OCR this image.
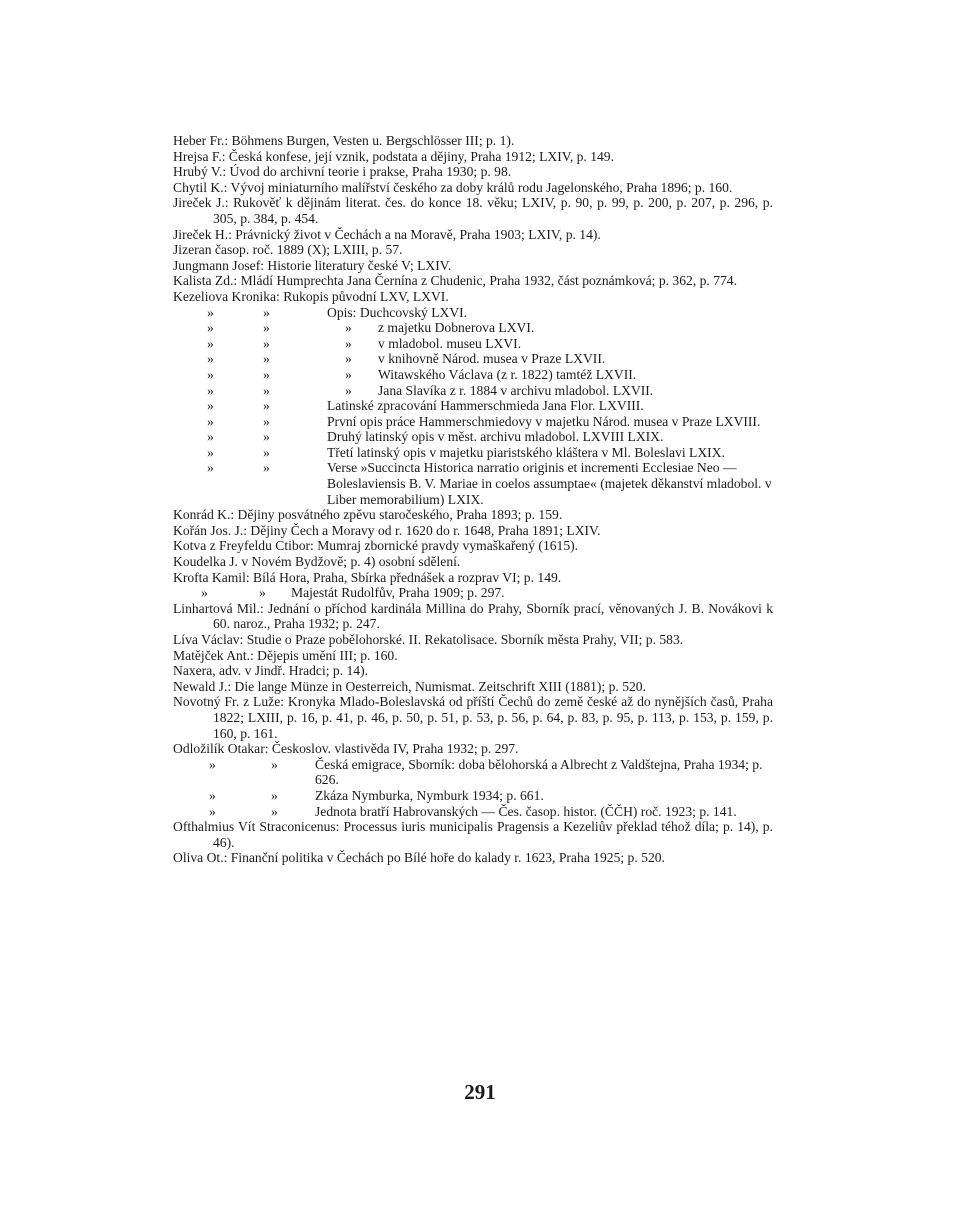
Heber Fr.: Böhmens Burgen, Vesten u. Bergschlösser III; p. 1).
Hrejsa F.: Česká konfese, její vznik, podstata a dějiny, Praha 1912; LXIV, p. 149.
Hrubý V.: Úvod do archivní teorie i prakse, Praha 1930; p. 98.
Chytil K.: Vývoj miniaturního malířství českého za doby králů rodu Jagelonského, Praha 1896; p. 160.
Jireček J.: Rukověť k dějinám literat. čes. do konce 18. věku; LXIV, p. 90, p. 99, p. 200, p. 207, p. 296, p. 305, p. 384, p. 454.
Jireček H.: Právnický život v Čechách a na Moravě, Praha 1903; LXIV, p. 14).
Jizeran časop. roč. 1889 (X); LXIII, p. 57.
Jungmann Josef: Historie literatury české V; LXIV.
Kalista Zd.: Mládí Humprechta Jana Černína z Chudenic, Praha 1932, část poznámková; p. 362, p. 774.
Kezeliova Kronika: Rukopis původní LXV, LXVI.
»	»	Opis: Duchcovský LXVI.
»	»	»	z majetku Dobnerova LXVI.
»	»	»	v mladobol. museu LXVI.
»	»	»	v knihovně Národ. musea v Praze LXVII.
»	»	»	Witawského Václava (z r. 1822) tamtéž LXVII.
»	»	»	Jana Slavíka z r. 1884 v archivu mladobol. LXVII.
»	»	Latinské zpracování Hammerschmieda Jana Flor. LXVIII.
»	»	První opis práce Hammerschmiedovy v majetku Národ. musea v Praze LXVIII.
»	»	Druhý latinský opis v měst. archivu mladobol. LXVIII LXIX.
»	»	Třetí latinský opis v majetku piaristského kláštera v Ml. Boleslavi LXIX.
»	»	Verse »Succincta Historica narratio originis et incrementi Ecclesiae Neo — Boleslaviensis B. V. Mariae in coelos assumptae« (majetek děkanství mladobol. v Liber memorabilium) LXIX.
Konrád K.: Dějiny posvátného zpěvu staročeského, Praha 1893; p. 159.
Kořán Jos. J.: Dějiny Čech a Moravy od r. 1620 do r. 1648, Praha 1891; LXIV.
Kotva z Freyfeldu Ctibor: Mumraj zbornické pravdy vymaškařený (1615).
Koudelka J. v Novém Bydžově; p. 4) osobní sdělení.
Krofta Kamil: Bílá Hora, Praha, Sbírka přednášek a rozprav VI; p. 149.
»	»	Majestát Rudolfův, Praha 1909; p. 297.
Linhartová Mil.: Jednání o příchod kardinála Millina do Prahy, Sborník prací, věnovaných J. B. Novákovi k 60. naroz., Praha 1932; p. 247.
Líva Václav: Studie o Praze pobělohorské. II. Rekatolisace. Sborník města Prahy, VII; p. 583.
Matějček Ant.: Dějepis umění III; p. 160.
Naxera, adv. v Jindř. Hradci; p. 14).
Newald J.: Die lange Münze in Oesterreich, Numismat. Zeitschrift XIII (1881); p. 520.
Novotný Fr. z Luže: Kronyka Mlado-Boleslavská od příští Čechů do země české až do nynějších časů, Praha 1822; LXIII, p. 16, p. 41, p. 46, p. 50, p. 51, p. 53, p. 56, p. 64, p. 83, p. 95, p. 113, p. 153, p. 159, p. 160, p. 161.
Odložilík Otakar: Českoslov. vlastivěda IV, Praha 1932; p. 297.
»	»	Česká emigrace, Sborník: doba bělohorská a Albrecht z Valdštejna, Praha 1934; p. 626.
»	»	Zkáza Nymburka, Nymburk 1934; p. 661.
»	»	Jednota bratří Habrovanských — Čes. časop. histor. (ČČH) roč. 1923; p. 141.
Ofthalmius Vít Straconicenus: Processus iuris municipalis Pragensis a Kezeliův překlad téhož díla; p. 14), p. 46).
Oliva Ot.: Finanční politika v Čechách po Bílé hoře do kalady r. 1623, Praha 1925; p. 520.
291
